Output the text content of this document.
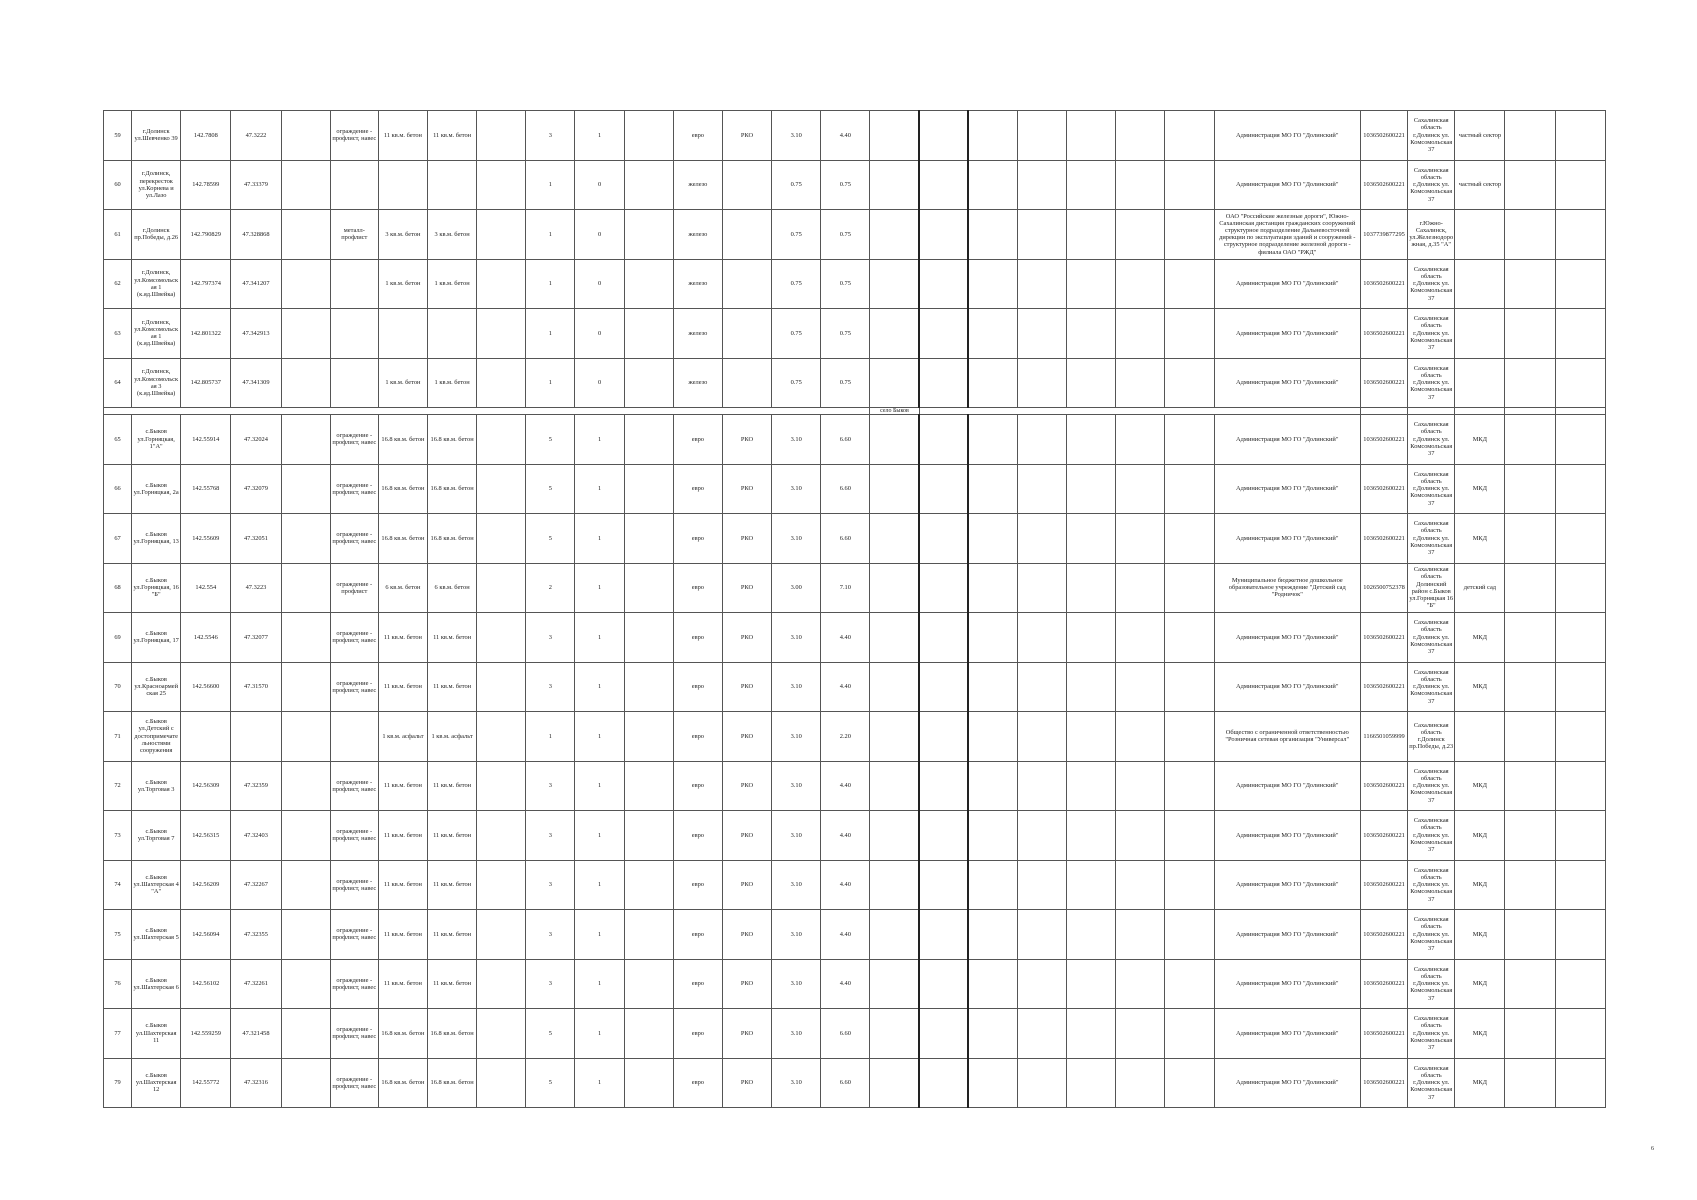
59	г.Долинск ул.Шевченко 39	142.7808	47.3222		ограждение - профлист, навес	11 кв.м. бетон	11 кв.м. бетон		3	1		евро	РКО	3.10	4.40								Администрация МО ГО "Долинский"	1036502600221	Сахалинская область г.Долинск ул. Комсомольская 37	частный сектор		
60	г.Долинск, перекресток ул.Корнева и ул.Лазо	142.78599	47.33379						1	0		железо		0.75	0.75								Администрация МО ГО "Долинский"	1036502600221	Сахалинская область г.Долинск ул. Комсомольская 37	частный сектор		
61	г.Долинск пр.Победы, д.26	142.790829	47.328868		металл- профлист	3 кв.м. бетон	3 кв.м. бетон		1	0		железо		0.75	0.75								ОАО "Российские железные дороги", Южно-Сахалинская дистанция гражданских сооружений структурное подразделение Дальневосточной дирекции по эксплуатации зданий и сооружений - структурное подразделение железной дороги - филиала ОАО "РЖД"	1037739877295	г.Южно-Сахалинск, ул.Железнодорожная, д.35 "А"			
62	г.Долинск, ул.Комсомольская 1 (к.яд.Швейка)	142.797374	47.341207			1 кв.м. бетон	1 кв.м. бетон		1	0		железо		0.75	0.75								Администрация МО ГО "Долинский"	1036502600221	Сахалинская область г.Долинск ул. Комсомольская 37			
63	г.Долинск, ул.Комсомольская 1 (к.яд.Швейка)	142.801322	47.342913						1	0		железо		0.75	0.75								Администрация МО ГО "Долинский"	1036502600221	Сахалинская область г.Долинск ул. Комсомольская 37			
64	г.Долинск, ул.Комсомольская 3 (к.яд.Швейка)	142.805737	47.341309			1 кв.м. бетон	1 кв.м. бетон		1	0		железо		0.75	0.75								Администрация МО ГО "Долинский"	1036502600221	Сахалинская область г.Долинск ул. Комсомольская 37			
																село Быков												
65	с.Быков ул.Горняцкая, 1"А"	142.55914	47.32024		ограждение - профлист, навес	16.8 кв.м. бетон	16.8 кв.м. бетон		5	1		евро	РКО	3.10	6.60								Администрация МО ГО "Долинский"	1036502600221	Сахалинская область г.Долинск ул. Комсомольская 37	МКД		
66	с.Быков ул.Горняцкая, 2а	142.55768	47.32079		ограждение - профлист, навес	16.8 кв.м. бетон	16.8 кв.м. бетон		5	1		евро	РКО	3.10	6.60								Администрация МО ГО "Долинский"	1036502600221	Сахалинская область г.Долинск ул. Комсомольская 37	МКД		
67	с.Быков ул.Горняцкая, 13	142.55609	47.32051		ограждение - профлист, навес	16.8 кв.м. бетон	16.8 кв.м. бетон		5	1		евро	РКО	3.10	6.60								Администрация МО ГО "Долинский"	1036502600221	Сахалинская область г.Долинск ул. Комсомольская 37	МКД		
68	с.Быков ул.Горняцкая, 16 "Б"	142.554	47.3223		ограждение - профлист	6 кв.м. бетон	6 кв.м. бетон		2	1		евро	РКО	3.00	7.10								Муниципальное бюджетное дошкольное образовательное учреждение "Детский сад "Родничок"	1026500752378	Сахалинская область Долинский район с.Быков ул.Горняцкая 16 "Б"	детский сад		
69	с.Быков ул.Горняцкая, 17	142.5546	47.32077		ограждение - профлист, навес	11 кв.м. бетон	11 кв.м. бетон		3	1		евро	РКО	3.10	4.40								Администрация МО ГО "Долинский"	1036502600221	Сахалинская область г.Долинск ул. Комсомольская 37	МКД		
70	с.Быков ул.Красноармейская 25	142.56600	47.31570		ограждение - профлист, навес	11 кв.м. бетон	11 кв.м. бетон		3	1		евро	РКО	3.10	4.40								Администрация МО ГО "Долинский"	1036502600221	Сахалинская область г.Долинск ул. Комсомольская 37	МКД		
71	с.Быков ул.Детский с достопримечательностями сооружения					1 кв.м. асфальт	1 кв.м. асфальт		1	1		евро	РКО	3.10	2.20								Общество с ограниченной ответственностью "Розничная сетевая организация "Универсал"	1166501059999	Сахалинская область г.Долинск пр.Победы, д.23			
72	с.Быков ул.Торговая 3	142.56309	47.32359		ограждение - профлист, навес	11 кв.м. бетон	11 кв.м. бетон		3	1		евро	РКО	3.10	4.40								Администрация МО ГО "Долинский"	1036502600221	Сахалинская область г.Долинск ул. Комсомольская 37	МКД		
73	с.Быков ул.Торговая 7	142.56315	47.32403		ограждение - профлист, навес	11 кв.м. бетон	11 кв.м. бетон		3	1		евро	РКО	3.10	4.40								Администрация МО ГО "Долинский"	1036502600221	Сахалинская область г.Долинск ул. Комсомольская 37	МКД		
74	с.Быков ул.Шахтерская 4 "А"	142.56209	47.32267		ограждение - профлист, навес	11 кв.м. бетон	11 кв.м. бетон		3	1		евро	РКО	3.10	4.40								Администрация МО ГО "Долинский"	1036502600221	Сахалинская область г.Долинск ул. Комсомольская 37	МКД		
75	с.Быков ул.Шахтерская 5	142.56094	47.32355		ограждение - профлист, навес	11 кв.м. бетон	11 кв.м. бетон		3	1		евро	РКО	3.10	4.40								Администрация МО ГО "Долинский"	1036502600221	Сахалинская область г.Долинск ул. Комсомольская 37	МКД		
76	с.Быков ул.Шахтерская 6	142.56102	47.32261		ограждение - профлист, навес	11 кв.м. бетон	11 кв.м. бетон		3	1		евро	РКО	3.10	4.40								Администрация МО ГО "Долинский"	1036502600221	Сахалинская область г.Долинск ул. Комсомольская 37	МКД		
77	с.Быков ул.Шахтерская 11	142.559259	47.321458		ограждение - профлист, навес	16.8 кв.м. бетон	16.8 кв.м. бетон		5	1		евро	РКО	3.10	6.60								Администрация МО ГО "Долинский"	1036502600221	Сахалинская область г.Долинск ул. Комсомольская 37	МКД		
79	с.Быков ул.Шахтерская 12	142.55772	47.32316		ограждение - профлист, навес	16.8 кв.м. бетон	16.8 кв.м. бетон		5	1		евро	РКО	3.10	6.60								Администрация МО ГО "Долинский"	1036502600221	Сахалинская область г.Долинск ул. Комсомольская 37	МКД		
6
